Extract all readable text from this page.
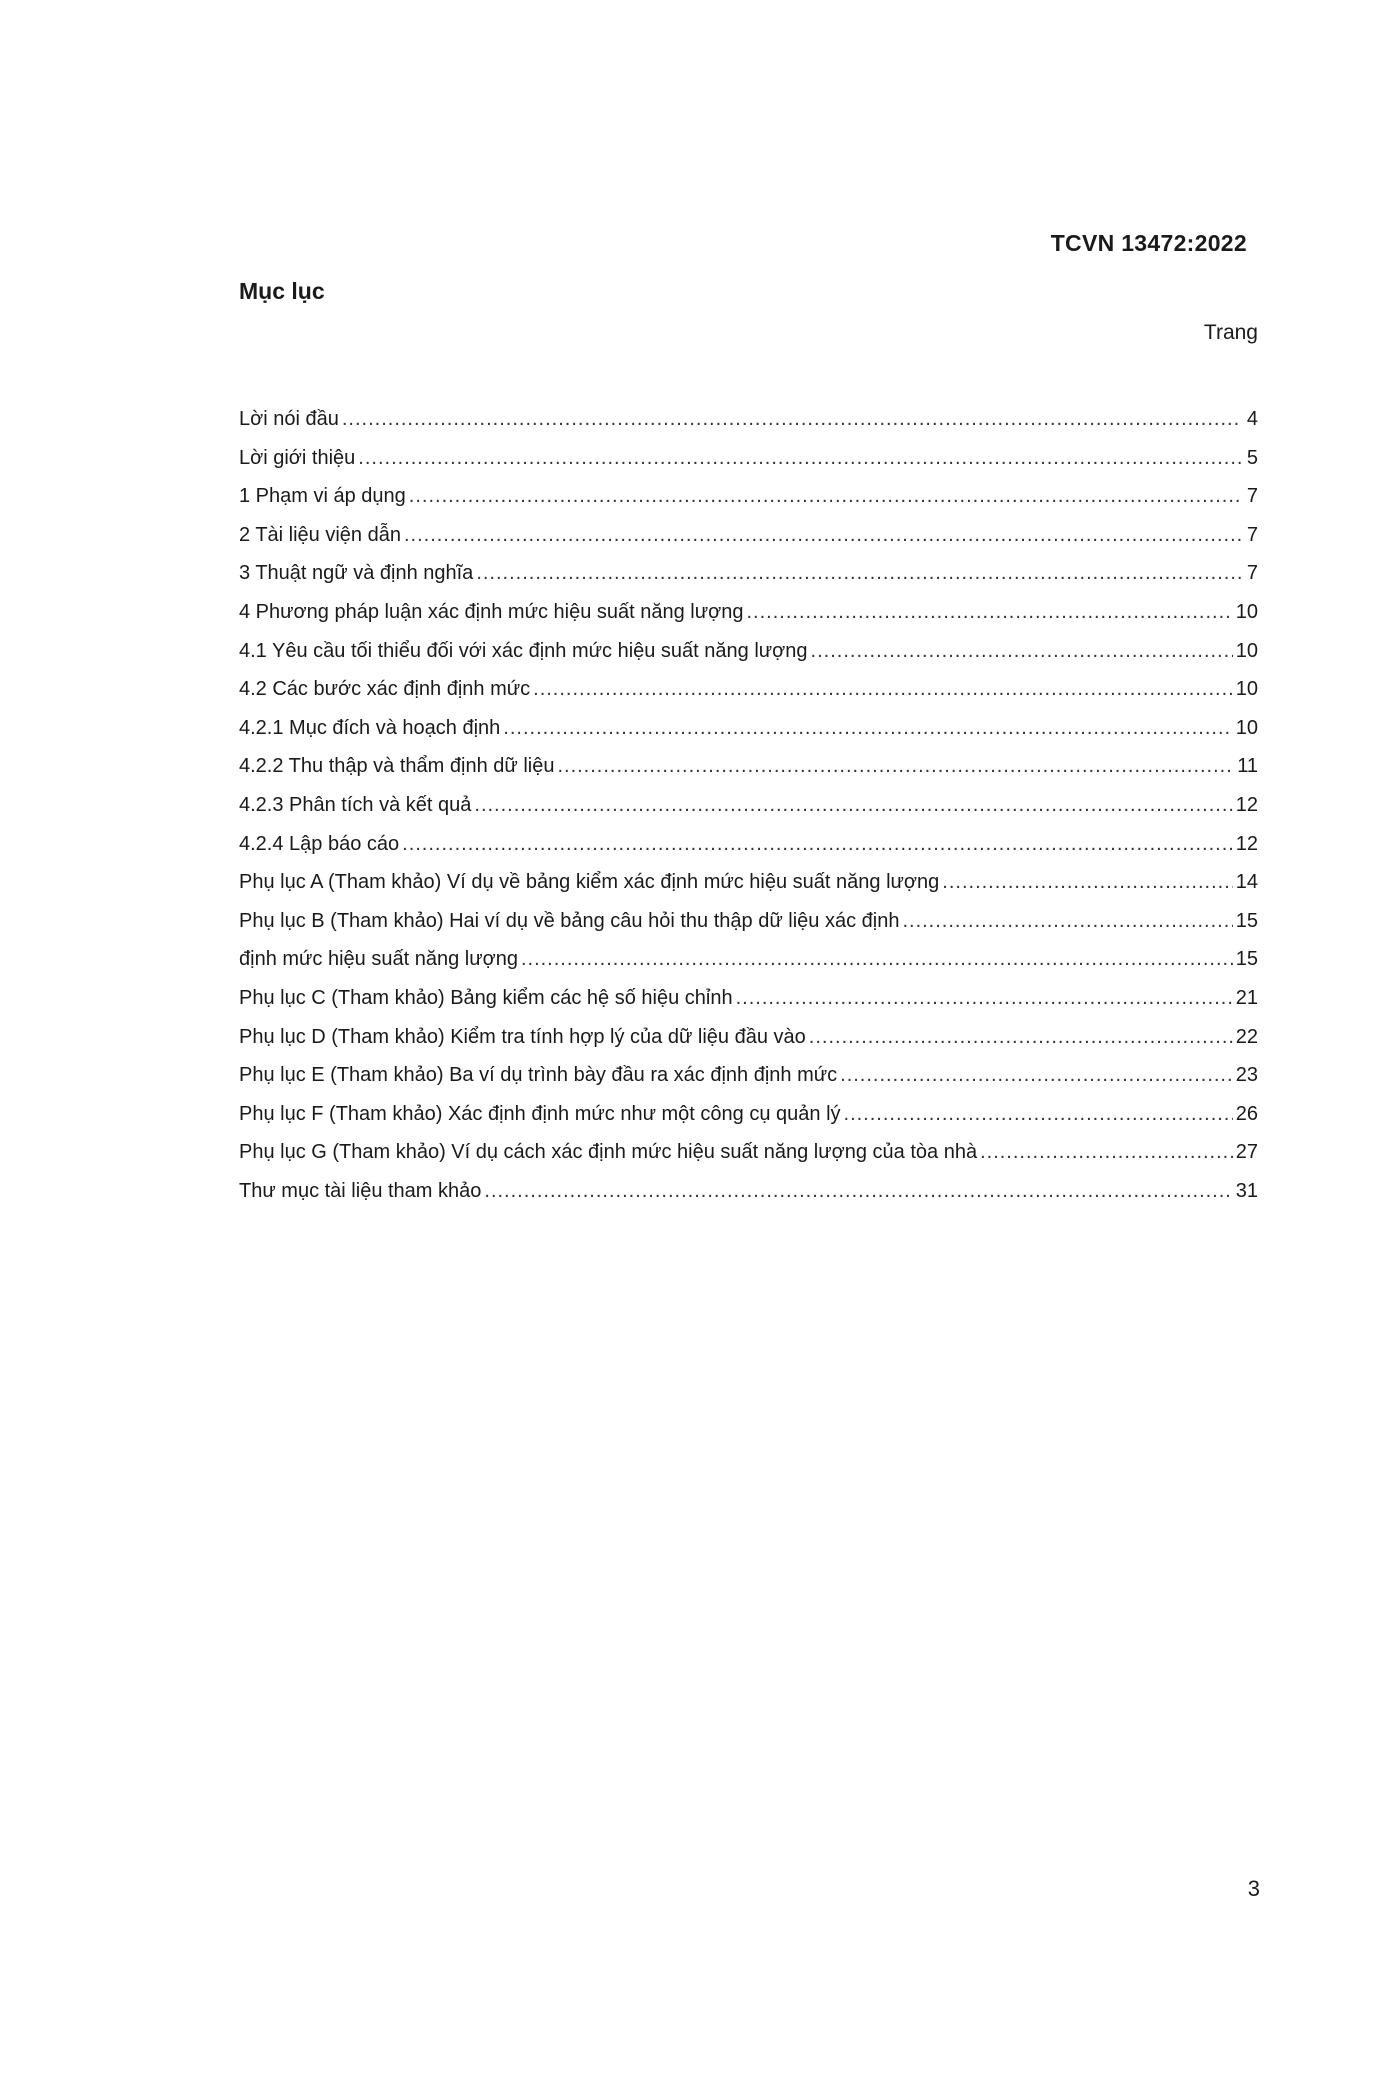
TCVN 13472:2022
Mục lục
Trang
Lời nói đầu .....	4
Lời giới thiệu .....	5
1 Phạm vi áp dụng .....	7
2 Tài liệu viện dẫn .....	7
3 Thuật ngữ và định nghĩa .....	7
4 Phương pháp luận xác định mức hiệu suất năng lượng .....	10
4.1 Yêu cầu tối thiểu đối với xác định mức hiệu suất năng lượng .....	10
4.2 Các bước xác định định mức .....	10
4.2.1 Mục đích và hoạch định .....	10
4.2.2 Thu thập và thẩm định dữ liệu .....	11
4.2.3 Phân tích và kết quả .....	12
4.2.4 Lập báo cáo .....	12
Phụ lục A (Tham khảo) Ví dụ về bảng kiểm xác định mức hiệu suất năng lượng .....	14
Phụ lục B (Tham khảo) Hai ví dụ về bảng câu hỏi thu thập dữ liệu xác định .....	15
định mức hiệu suất năng lượng .....	15
Phụ lục C (Tham khảo) Bảng kiểm các hệ số hiệu chỉnh .....	21
Phụ lục D (Tham khảo) Kiểm tra tính hợp lý của dữ liệu đầu vào .....	22
Phụ lục E (Tham khảo) Ba ví dụ trình bày đầu ra xác định định mức .....	23
Phụ lục F (Tham khảo) Xác định định mức như một công cụ quản lý .....	26
Phụ lục G (Tham khảo) Ví dụ cách xác định mức hiệu suất năng lượng của tòa nhà .....	27
Thư mục tài liệu tham khảo .....	31
3
